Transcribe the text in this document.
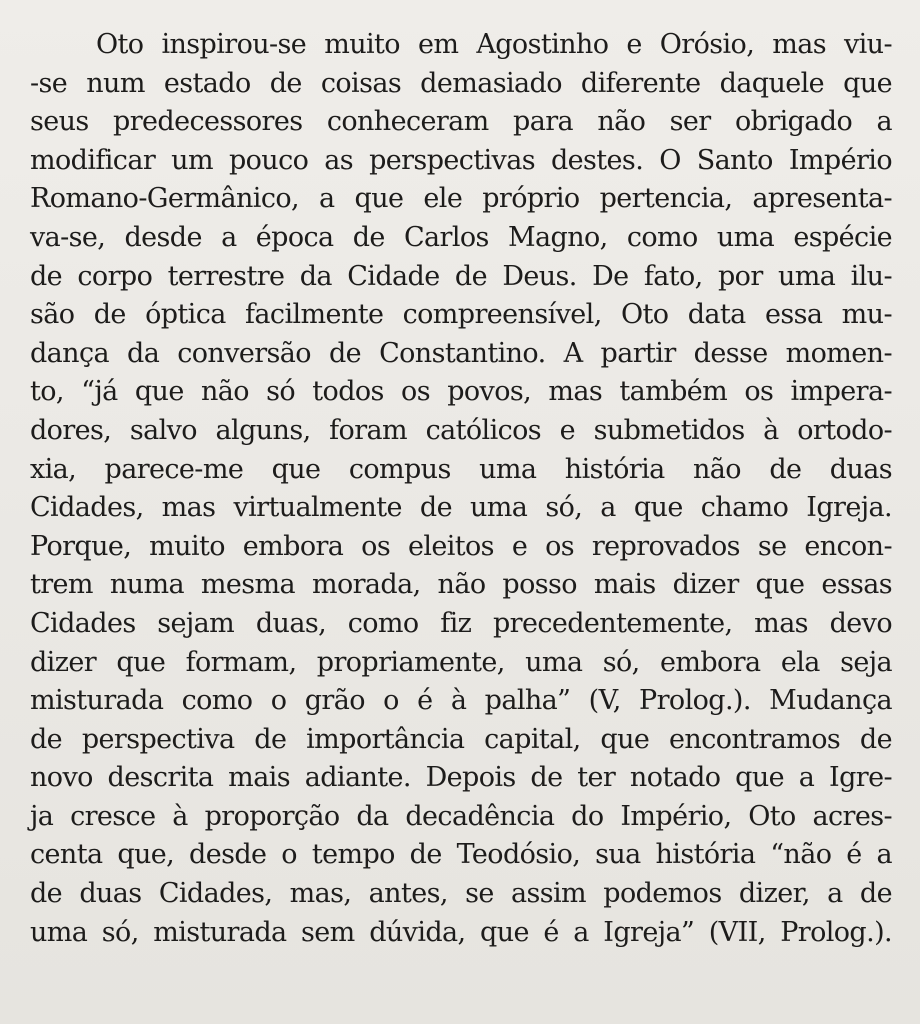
Oto inspirou-se muito em Agostinho e Orósio, mas viu-
-se num estado de coisas demasiado diferente daquele que
seus predecessores conheceram para não ser obrigado a
modificar um pouco as perspectivas destes. O Santo Império
Romano-Germânico, a que ele próprio pertencia, apresenta-
va-se, desde a época de Carlos Magno, como uma espécie
de corpo terrestre da Cidade de Deus. De fato, por uma ilu-
são de óptica facilmente compreensível, Oto data essa mu-
dança da conversão de Constantino. A partir desse momen-
to, “já que não só todos os povos, mas também os impera-
dores, salvo alguns, foram católicos e submetidos à ortodo-
xia, parece-me que compus uma história não de duas
Cidades, mas virtualmente de uma só, a que chamo Igreja.
Porque, muito embora os eleitos e os reprovados se encon-
trem numa mesma morada, não posso mais dizer que essas
Cidades sejam duas, como fiz precedentemente, mas devo
dizer que formam, propriamente, uma só, embora ela seja
misturada como o grão o é à palha” (V, Prolog.). Mudança
de perspectiva de importância capital, que encontramos de
novo descrita mais adiante. Depois de ter notado que a Igre-
ja cresce à proporção da decadência do Império, Oto acres-
centa que, desde o tempo de Teodósio, sua história “não é a
de duas Cidades, mas, antes, se assim podemos dizer, a de
uma só, misturada sem dúvida, que é a Igreja” (VII, Prolog.).
